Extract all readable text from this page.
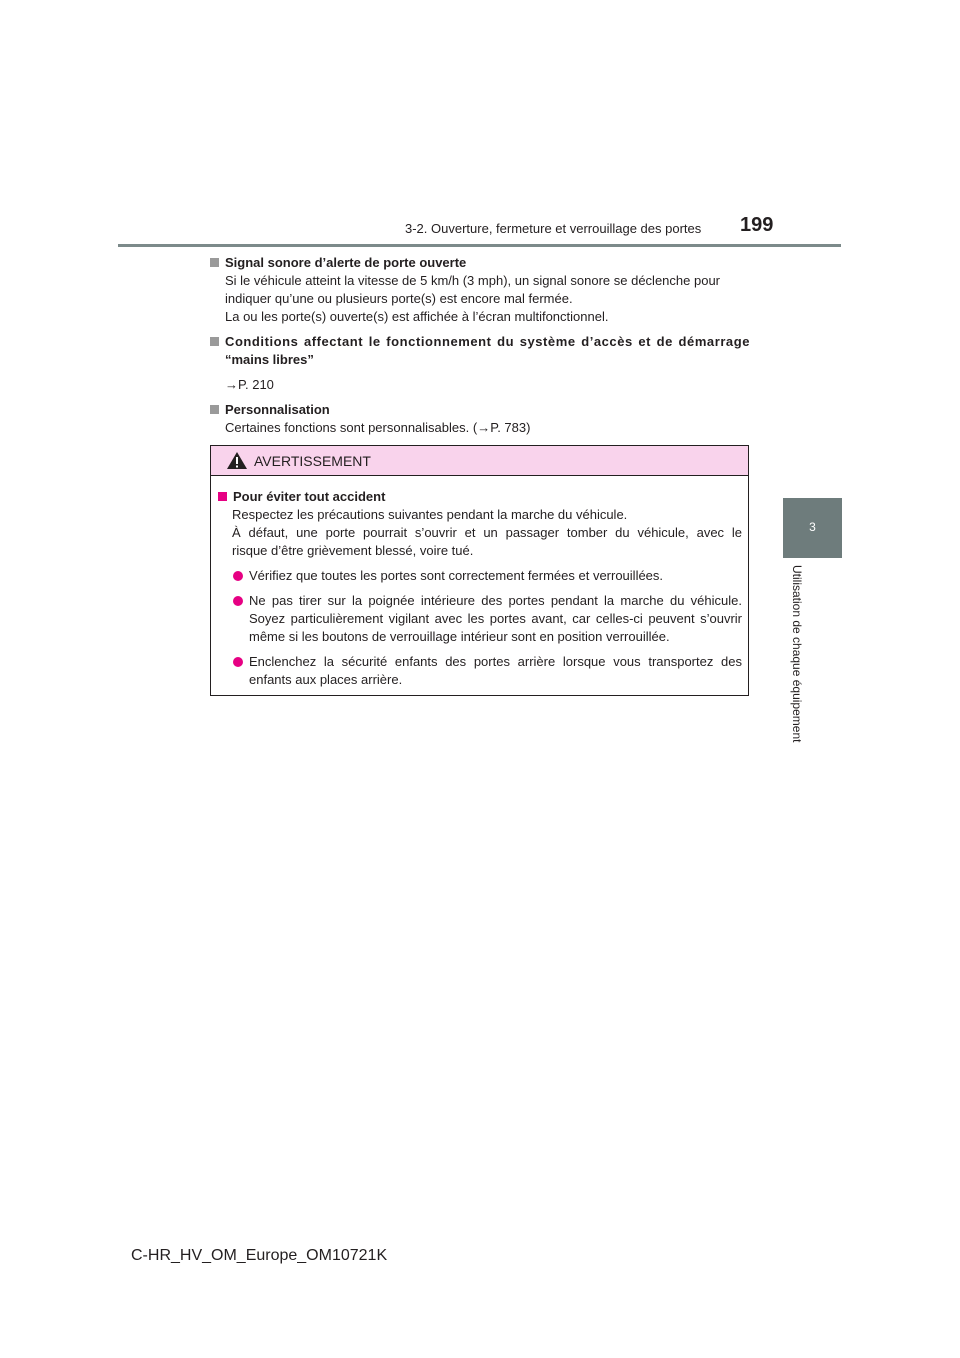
3-2. Ouverture, fermeture et verrouillage des portes 199
3
Utilisation de chaque équipement
Signal sonore d’alerte de porte ouverte
Si le véhicule atteint la vitesse de 5 km/h (3 mph), un signal sonore se déclenche pour
indiquer qu’une ou plusieurs porte(s) est encore mal fermée.
La ou les porte(s) ouverte(s) est affichée à l’écran multifonctionnel.
Conditions affectant le fonctionnement du système d’accès et de démarrage
“mains libres”
→P. 210
Personnalisation
Certaines fonctions sont personnalisables. (→P. 783)
AVERTISSEMENT
Pour éviter tout accident
Respectez les précautions suivantes pendant la marche du véhicule.
À défaut, une porte pourrait s’ouvrir et un passager tomber du véhicule, avec le
risque d’être grièvement blessé, voire tué.
Vérifiez que toutes les portes sont correctement fermées et verrouillées.
Ne pas tirer sur la poignée intérieure des portes pendant la marche du véhicule. Soyez particulièrement vigilant avec les portes avant, car celles-ci peuvent s’ouvrir même si les boutons de verrouillage intérieur sont en position verrouillée.
Enclenchez la sécurité enfants des portes arrière lorsque vous transportez des enfants aux places arrière.
C-HR_HV_OM_Europe_OM10721K
